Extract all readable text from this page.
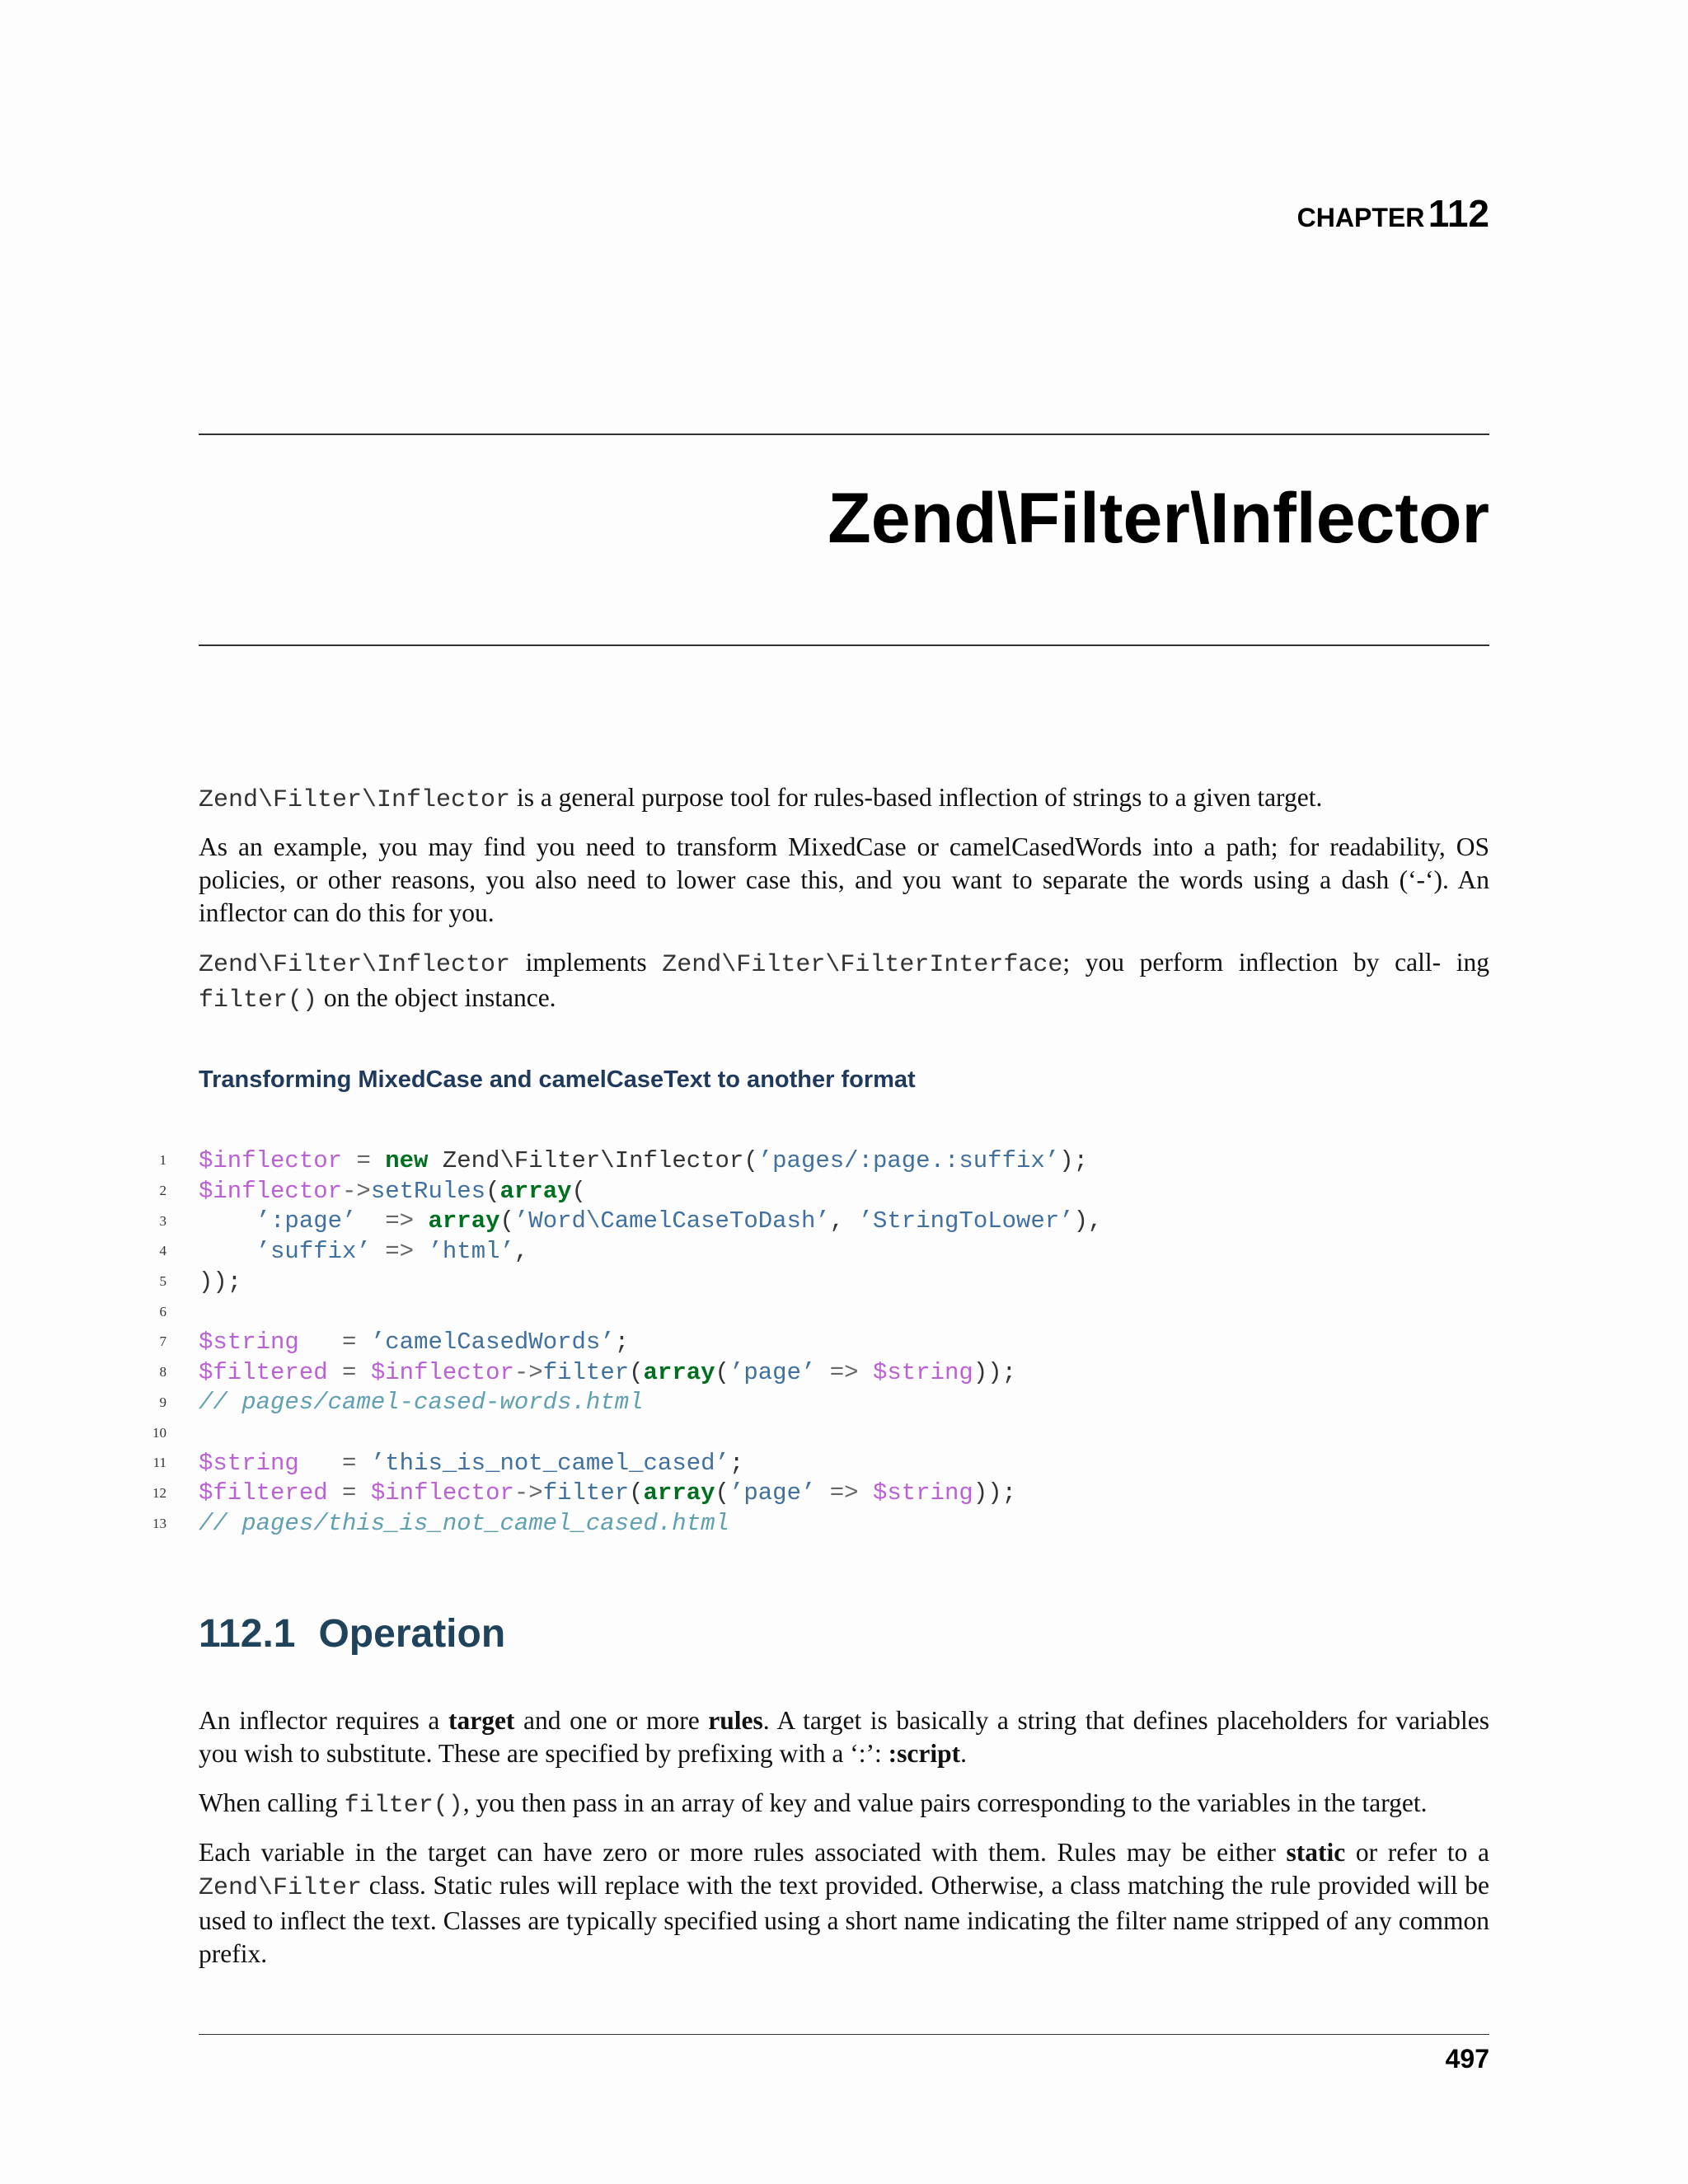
CHAPTER 112
Zend\Filter\Inflector

Zend\Filter\Inflector is a general purpose tool for rules-based inflection of strings to a given target.

As an example, you may find you need to transform MixedCase or camelCasedWords into a path; for readability, OS policies, or other reasons, you also need to lower case this, and you want to separate the words using a dash (‘-‘). An inflector can do this for you.

Zend\Filter\Inflector implements Zend\Filter\FilterInterface; you perform inflection by call- ing filter() on the object instance.

Transforming MixedCase and camelCaseText to another format

1 $inflector = new Zend\Filter\Inflector(’pages/:page.:suffix’);
2 $inflector->setRules(array(
3	’:page’ => array(’Word\CamelCaseToDash’, ’StringToLower’),
4	’suffix’ => ’html’,
5 ));
6
7 $string = ’camelCasedWords’;
8 $filtered = $inflector->filter(array(’page’ => $string));
9 // pages/camel-cased-words.html
10
11 $string = ’this_is_not_camel_cased’;
12 $filtered = $inflector->filter(array(’page’ => $string));
13 // pages/this_is_not_camel_cased.html
112.1 Operation

An inflector requires a target and one or more rules. A target is basically a string that defines placeholders for variables you wish to substitute. These are specified by prefixing with a ‘:’: :script.

When calling filter(), you then pass in an array of key and value pairs corresponding to the variables in the target.

Each variable in the target can have zero or more rules associated with them. Rules may be either static or refer to a Zend\Filter class. Static rules will replace with the text provided. Otherwise, a class matching the rule provided will be used to inflect the text. Classes are typically specified using a short name indicating the filter name stripped of any common prefix.

497
